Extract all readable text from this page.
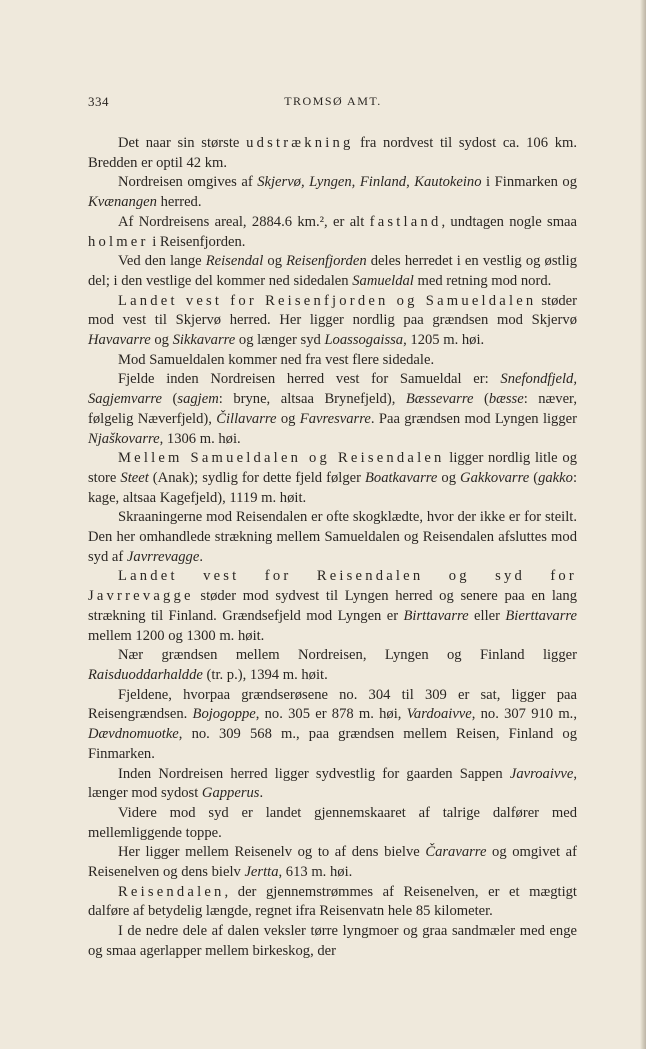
334	TROMSØ AMT.

Det naar sin største udstrækning fra nordvest til sydost ca. 106 km. Bredden er optil 42 km.

Nordreisen omgives af Skjervø, Lyngen, Finland, Kautokeino i Finmarken og Kvænangen herred.

Af Nordreisens areal, 2884.6 km.², er alt fastland, undtagen nogle smaa holmer i Reisenfjorden.

Ved den lange Reisendal og Reisenfjorden deles herredet i en vestlig og østlig del; i den vestlige del kommer ned sidedalen Samueldal med retning mod nord.

Landet vest for Reisenfjorden og Samueldalen støder mod vest til Skjervø herred. Her ligger nordlig paa grændsen mod Skjervø Havavarre og Sikkavarre og længer syd Loassogaissa, 1205 m. høi.

Mod Samueldalen kommer ned fra vest flere sidedale.

Fjelde inden Nordreisen herred vest for Samueldal er: Snefondfjeld, Sagjemvarre (sagjem: bryne, altsaa Brynefjeld), Bæssevarre (bæsse: næver, følgelig Næverfjeld), Čillavarre og Favresvarre. Paa grændsen mod Lyngen ligger Njaškovarre, 1306 m. høi.

Mellem Samueldalen og Reisendalen ligger nordlig litle og store Steet (Anak); sydlig for dette fjeld følger Boatkavarre og Gakkovarre (gakko: kage, altsaa Kagefjeld), 1119 m. høit.

Skraaningerne mod Reisendalen er ofte skogklædte, hvor der ikke er for steilt. Den her omhandlede strækning mellem Samueldalen og Reisendalen afsluttes mod syd af Javrrevagge.

Landet vest for Reisendalen og syd for Javrrevagge støder mod sydvest til Lyngen herred og senere paa en lang strækning til Finland. Grændsefjeld mod Lyngen er Birttavarre eller Bierttavarre mellem 1200 og 1300 m. høit.

Nær grændsen mellem Nordreisen, Lyngen og Finland ligger Raisduoddarhaldde (tr. p.), 1394 m. høit.

Fjeldene, hvorpaa grændserøsene no. 304 til 309 er sat, ligger paa Reisengrændsen. Bojogoppe, no. 305 er 878 m. høi, Vardoaivve, no. 307 910 m., Dævdnomuotke, no. 309 568 m., paa grændsen mellem Reisen, Finland og Finmarken.

Inden Nordreisen herred ligger sydvestlig for gaarden Sappen Javroaivve, længer mod sydost Gapperus.

Videre mod syd er landet gjennemskaaret af talrige dalfører med mellemliggende toppe.

Her ligger mellem Reisenelv og to af dens bielve Čaravarre og omgivet af Reisenelven og dens bielv Jertta, 613 m. høi.

Reisendalen, der gjennemstrømmes af Reisenelven, er et mægtigt dalføre af betydelig længde, regnet ifra Reisenvatn hele 85 kilometer.

I de nedre dele af dalen veksler tørre lyngmoer og graa sandmæler med enge og smaa agerlapper mellem birkeskog, der
